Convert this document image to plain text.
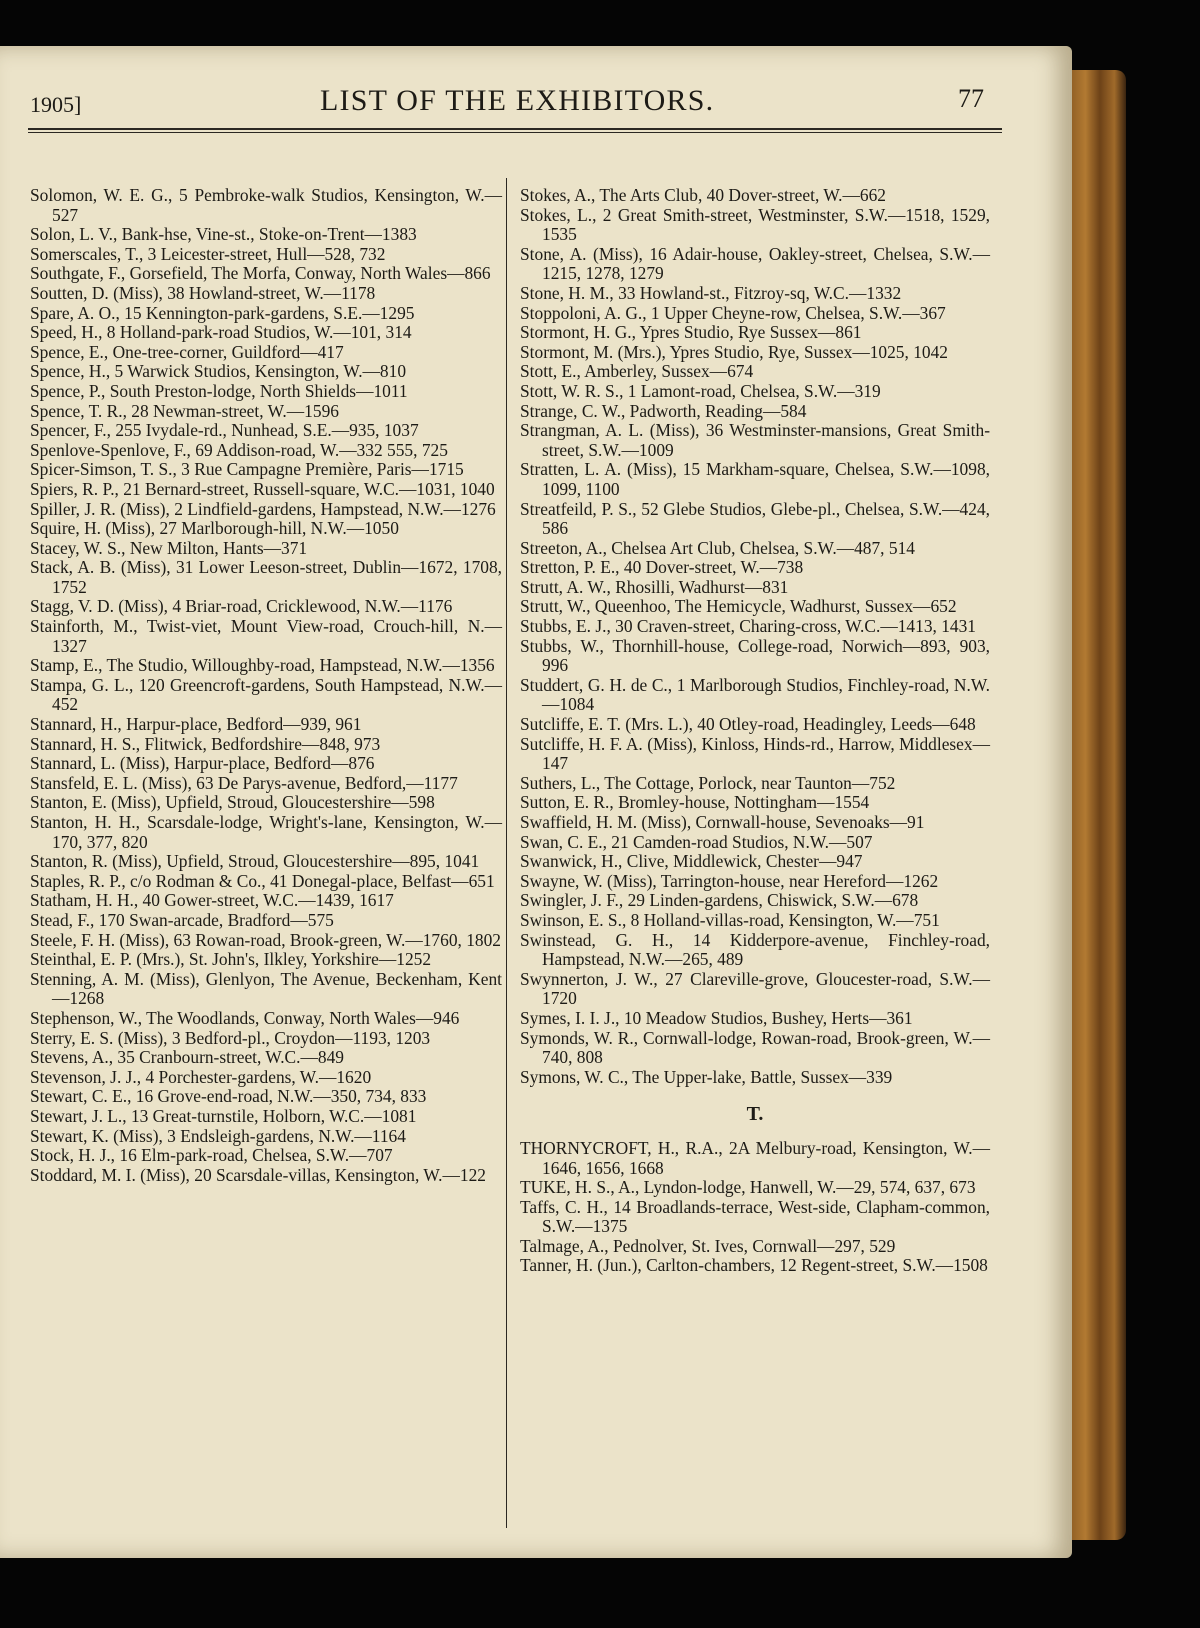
1905]	LIST OF THE EXHIBITORS.	77

Solomon, W. E. G., 5 Pembroke-walk Studios, Kensington, W.—527

Solon, L. V., Bank-hse, Vine-st., Stoke-on-Trent—1383

Somerscales, T., 3 Leicester-street, Hull—528, 732

Southgate, F., Gorsefield, The Morfa, Conway, North Wales—866

Soutten, D. (Miss), 38 Howland-street, W.—1178

Spare, A. O., 15 Kennington-park-gardens, S.E.—1295

Speed, H., 8 Holland-park-road Studios, W.—101, 314

Spence, E., One-tree-corner, Guildford—417

Spence, H., 5 Warwick Studios, Kensington, W.—810

Spence, P., South Preston-lodge, North Shields—1011

Spence, T. R., 28 Newman-street, W.—1596

Spencer, F., 255 Ivydale-rd., Nunhead, S.E.—935, 1037

Spenlove-Spenlove, F., 69 Addison-road, W.—332 555, 725

Spicer-Simson, T. S., 3 Rue Campagne Première, Paris—1715

Spiers, R. P., 21 Bernard-street, Russell-square, W.C.—1031, 1040

Spiller, J. R. (Miss), 2 Lindfield-gardens, Hampstead, N.W.—1276

Squire, H. (Miss), 27 Marlborough-hill, N.W.—1050

Stacey, W. S., New Milton, Hants—371

Stack, A. B. (Miss), 31 Lower Leeson-street, Dublin—1672, 1708, 1752

Stagg, V. D. (Miss), 4 Briar-road, Cricklewood, N.W.—1176

Stainforth, M., Twist-viet, Mount View-road, Crouch-hill, N.—1327

Stamp, E., The Studio, Willoughby-road, Hampstead, N.W.—1356

Stampa, G. L., 120 Greencroft-gardens, South Hampstead, N.W.—452

Stannard, H., Harpur-place, Bedford—939, 961

Stannard, H. S., Flitwick, Bedfordshire—848, 973

Stannard, L. (Miss), Harpur-place, Bedford—876

Stansfeld, E. L. (Miss), 63 De Parys-avenue, Bedford,—1177

Stanton, E. (Miss), Upfield, Stroud, Gloucestershire—598

Stanton, H. H., Scarsdale-lodge, Wright's-lane, Kensington, W.—170, 377, 820

Stanton, R. (Miss), Upfield, Stroud, Gloucestershire—895, 1041

Staples, R. P., c/o Rodman & Co., 41 Donegal-place, Belfast—651

Statham, H. H., 40 Gower-street, W.C.—1439, 1617

Stead, F., 170 Swan-arcade, Bradford—575

Steele, F. H. (Miss), 63 Rowan-road, Brook-green, W.—1760, 1802

Steinthal, E. P. (Mrs.), St. John's, Ilkley, Yorkshire—1252

Stenning, A. M. (Miss), Glenlyon, The Avenue, Beckenham, Kent—1268

Stephenson, W., The Woodlands, Conway, North Wales—946

Sterry, E. S. (Miss), 3 Bedford-pl., Croydon—1193, 1203

Stevens, A., 35 Cranbourn-street, W.C.—849

Stevenson, J. J., 4 Porchester-gardens, W.—1620

Stewart, C. E., 16 Grove-end-road, N.W.—350, 734, 833

Stewart, J. L., 13 Great-turnstile, Holborn, W.C.—1081

Stewart, K. (Miss), 3 Endsleigh-gardens, N.W.—1164

Stock, H. J., 16 Elm-park-road, Chelsea, S.W.—707

Stoddard, M. I. (Miss), 20 Scarsdale-villas, Kensington, W.—122

Stokes, A., The Arts Club, 40 Dover-street, W.—662

Stokes, L., 2 Great Smith-street, Westminster, S.W.—1518, 1529, 1535

Stone, A. (Miss), 16 Adair-house, Oakley-street, Chelsea, S.W.—1215, 1278, 1279

Stone, H. M., 33 Howland-st., Fitzroy-sq, W.C.—1332

Stoppoloni, A. G., 1 Upper Cheyne-row, Chelsea, S.W.—367

Stormont, H. G., Ypres Studio, Rye Sussex—861

Stormont, M. (Mrs.), Ypres Studio, Rye, Sussex—1025, 1042

Stott, E., Amberley, Sussex—674

Stott, W. R. S., 1 Lamont-road, Chelsea, S.W.—319

Strange, C. W., Padworth, Reading—584

Strangman, A. L. (Miss), 36 Westminster-mansions, Great Smith-street, S.W.—1009

Stratten, L. A. (Miss), 15 Markham-square, Chelsea, S.W.—1098, 1099, 1100

Streatfeild, P. S., 52 Glebe Studios, Glebe-pl., Chelsea, S.W.—424, 586

Streeton, A., Chelsea Art Club, Chelsea, S.W.—487, 514

Stretton, P. E., 40 Dover-street, W.—738

Strutt, A. W., Rhosilli, Wadhurst—831

Strutt, W., Queenhoo, The Hemicycle, Wadhurst, Sussex—652

Stubbs, E. J., 30 Craven-street, Charing-cross, W.C.—1413, 1431

Stubbs, W., Thornhill-house, College-road, Norwich—893, 903, 996

Studdert, G. H. de C., 1 Marlborough Studios, Finchley-road, N.W.—1084

Sutcliffe, E. T. (Mrs. L.), 40 Otley-road, Headingley, Leeds—648

Sutcliffe, H. F. A. (Miss), Kinloss, Hinds-rd., Harrow, Middlesex—147

Suthers, L., The Cottage, Porlock, near Taunton—752

Sutton, E. R., Bromley-house, Nottingham—1554

Swaffield, H. M. (Miss), Cornwall-house, Sevenoaks—91

Swan, C. E., 21 Camden-road Studios, N.W.—507

Swanwick, H., Clive, Middlewick, Chester—947

Swayne, W. (Miss), Tarrington-house, near Hereford—1262

Swingler, J. F., 29 Linden-gardens, Chiswick, S.W.—678

Swinson, E. S., 8 Holland-villas-road, Kensington, W.—751

Swinstead, G. H., 14 Kidderpore-avenue, Finchley-road, Hampstead, N.W.—265, 489

Swynnerton, J. W., 27 Clareville-grove, Gloucester-road, S.W.—1720

Symes, I. I. J., 10 Meadow Studios, Bushey, Herts—361

Symonds, W. R., Cornwall-lodge, Rowan-road, Brook-green, W.—740, 808

Symons, W. C., The Upper-lake, Battle, Sussex—339

T.

THORNYCROFT, H., R.A., 2A Melbury-road, Kensington, W.—1646, 1656, 1668

TUKE, H. S., A., Lyndon-lodge, Hanwell, W.—29, 574, 637, 673

Taffs, C. H., 14 Broadlands-terrace, West-side, Clapham-common, S.W.—1375

Talmage, A., Pednolver, St. Ives, Cornwall—297, 529

Tanner, H. (Jun.), Carlton-chambers, 12 Regent-street, S.W.—1508
